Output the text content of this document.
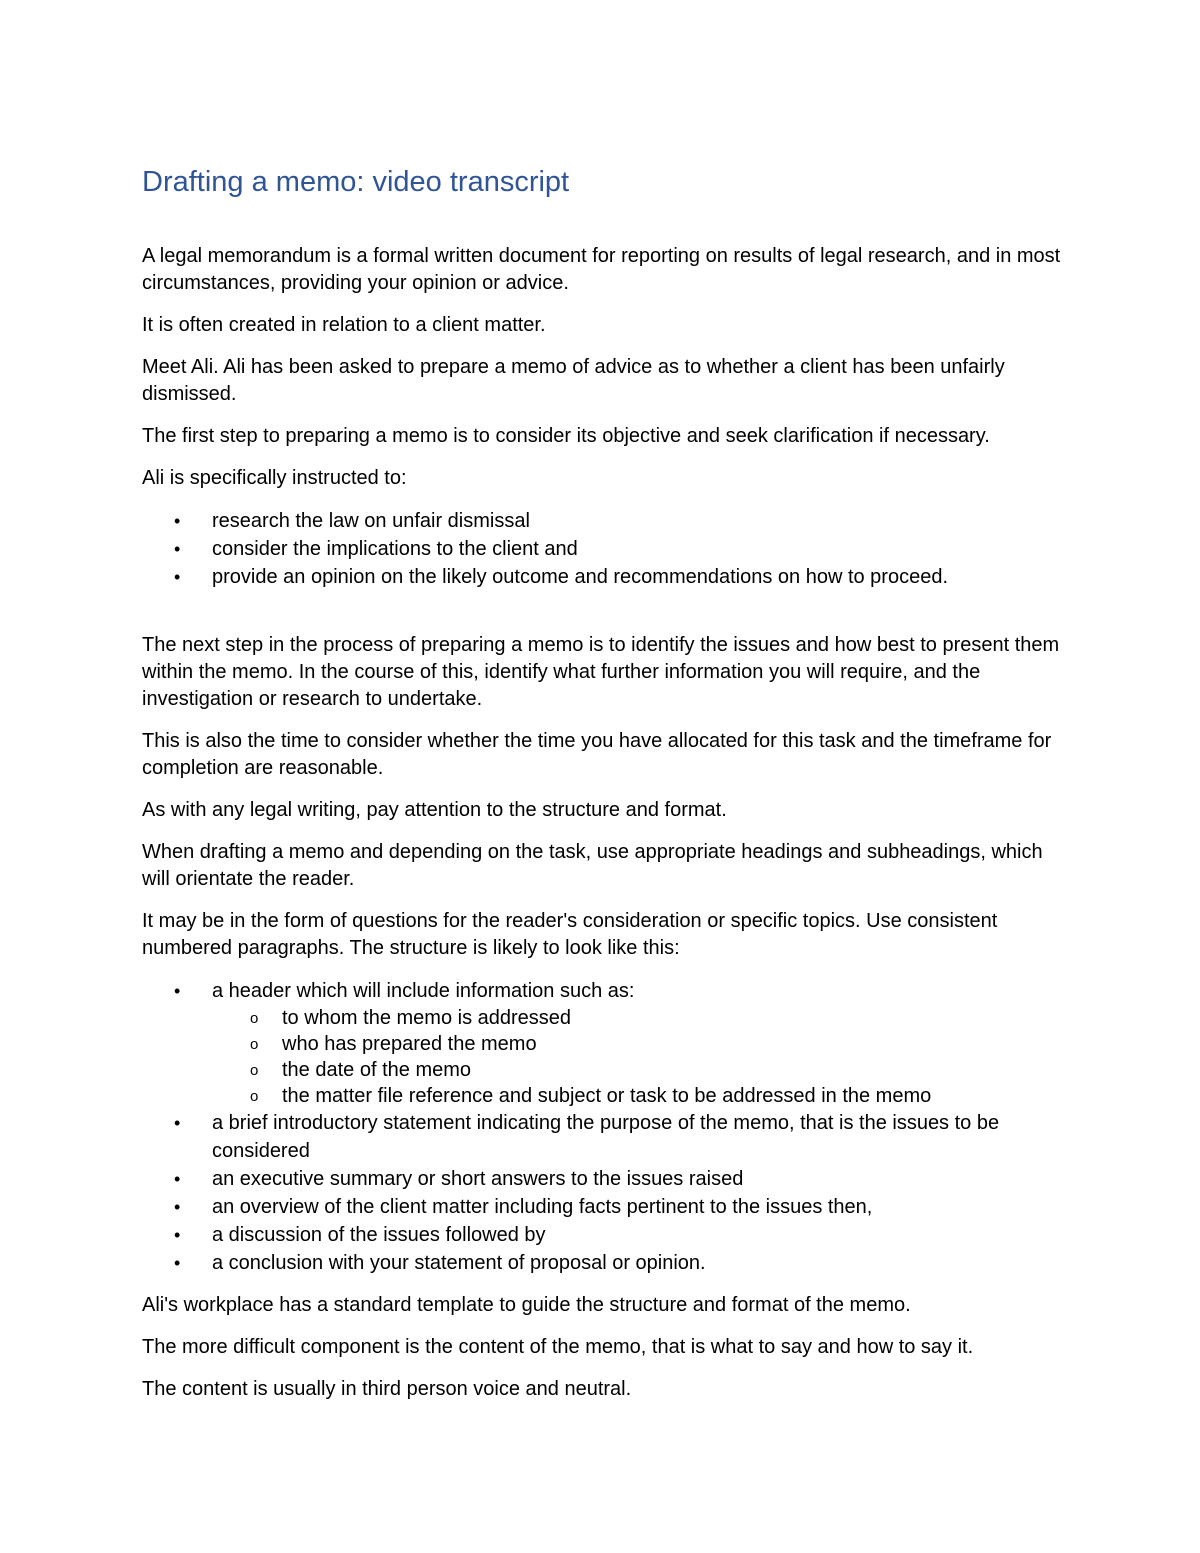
Drafting a memo: video transcript

A legal memorandum is a formal written document for reporting on results of legal research, and in most circumstances, providing your opinion or advice.

It is often created in relation to a client matter.

Meet Ali. Ali has been asked to prepare a memo of advice as to whether a client has been unfairly dismissed.

The first step to preparing a memo is to consider its objective and seek clarification if necessary.

Ali is specifically instructed to:

•	research the law on unfair dismissal
•	consider the implications to the client and
•	provide an opinion on the likely outcome and recommendations on how to proceed.

The next step in the process of preparing a memo is to identify the issues and how best to present them within the memo. In the course of this, identify what further information you will require, and the investigation or research to undertake.

This is also the time to consider whether the time you have allocated for this task and the timeframe for completion are reasonable.

As with any legal writing, pay attention to the structure and format.

When drafting a memo and depending on the task, use appropriate headings and subheadings, which will orientate the reader.

It may be in the form of questions for the reader's consideration or specific topics. Use consistent numbered paragraphs. The structure is likely to look like this:

•	a header which will include information such as:
o to whom the memo is addressed
o who has prepared the memo
o the date of the memo
o the matter file reference and subject or task to be addressed in the memo
•	a brief introductory statement indicating the purpose of the memo, that is the issues to be considered
•	an executive summary or short answers to the issues raised
•	an overview of the client matter including facts pertinent to the issues then,
•	a discussion of the issues followed by
•	a conclusion with your statement of proposal or opinion.

Ali's workplace has a standard template to guide the structure and format of the memo.

The more difficult component is the content of the memo, that is what to say and how to say it.

The content is usually in third person voice and neutral.
